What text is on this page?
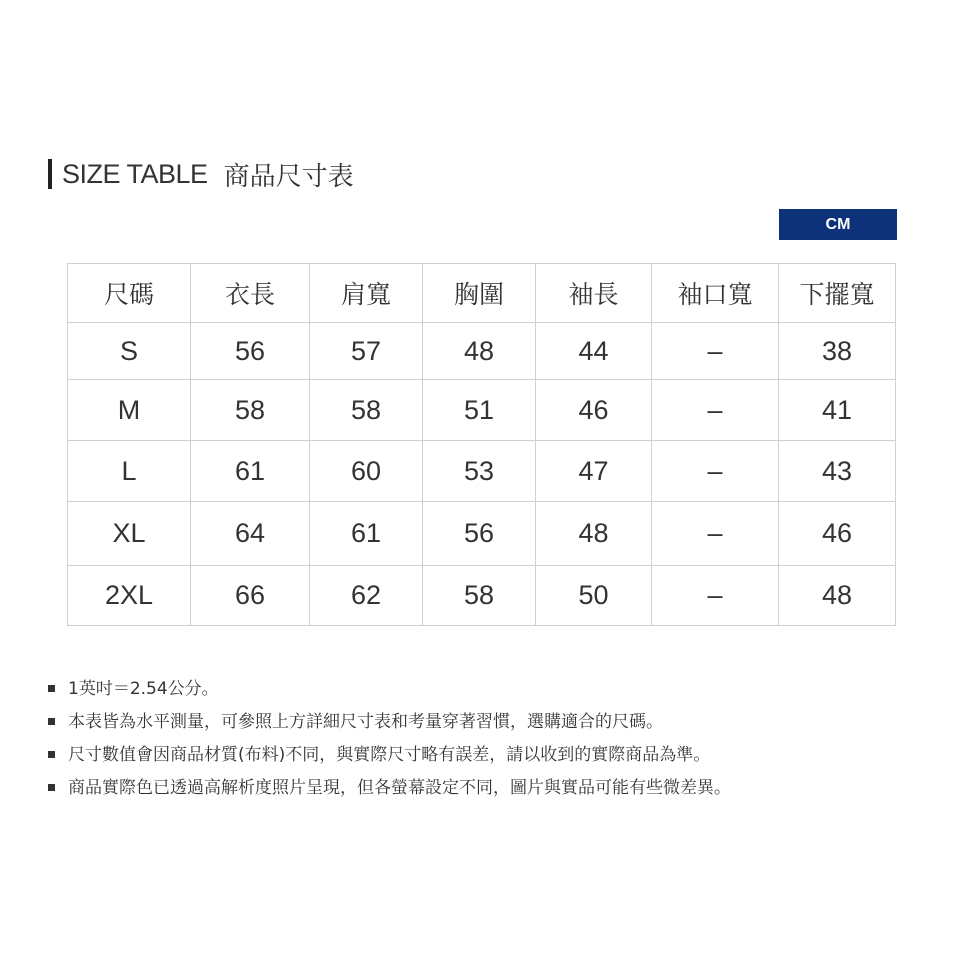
SIZE TABLE 商品尺寸表
CM
尺碼	衣長	肩寬	胸圍	袖長	袖口寬	下擺寬
S	56	57	48	44	–	38
M	58	58	51	46	–	41
L	61	60	53	47	–	43
XL	64	61	56	48	–	46
2XL	66	62	58	50	–	48
1英吋＝2.54公分。
本表皆為水平測量，可參照上方詳細尺寸表和考量穿著習慣，選購適合的尺碼。
尺寸數值會因商品材質(布料)不同，與實際尺寸略有誤差，請以收到的實際商品為準。
商品實際色已透過高解析度照片呈現，但各螢幕設定不同，圖片與實品可能有些微差異。
